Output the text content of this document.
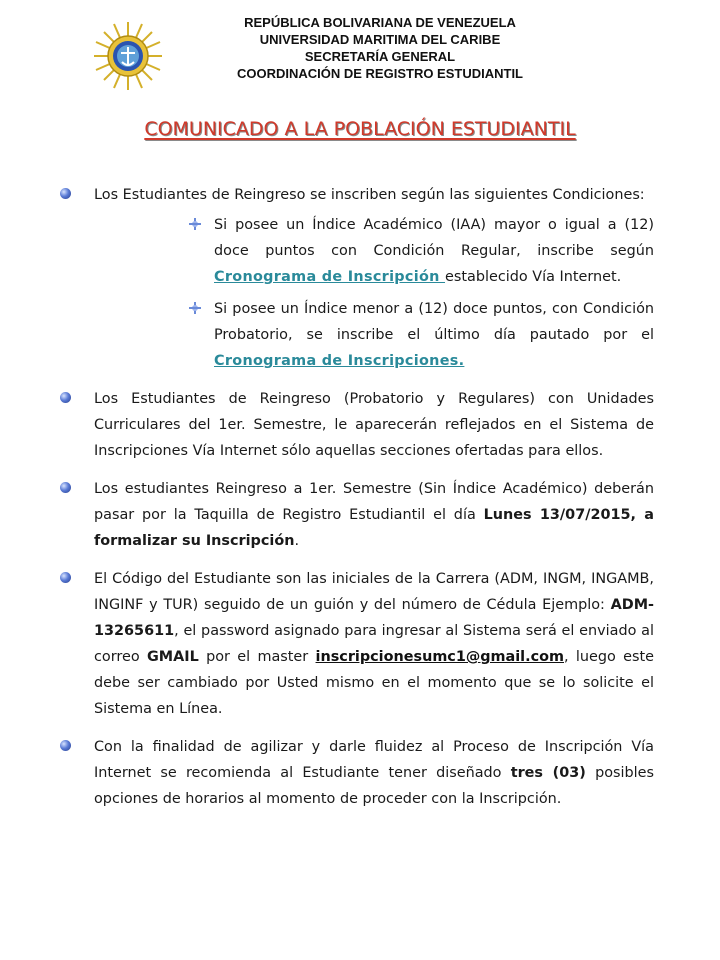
REPÚBLICA BOLIVARIANA DE VENEZUELA
UNIVERSIDAD MARITIMA DEL CARIBE
SECRETARÍA GENERAL
COORDINACIÓN DE REGISTRO ESTUDIANTIL
COMUNICADO A LA POBLACIÓN ESTUDIANTIL
Los Estudiantes de Reingreso se inscriben según las siguientes Condiciones:
Si posee un Índice Académico (IAA) mayor o igual a (12) doce puntos con Condición Regular, inscribe según Cronograma de Inscripción establecido Vía Internet.
Si posee un Índice menor a (12) doce puntos, con Condición Probatorio, se inscribe el último día pautado por el Cronograma de Inscripciones.
Los Estudiantes de Reingreso (Probatorio y Regulares) con Unidades Curriculares del 1er. Semestre, le aparecerán reflejados en el Sistema de Inscripciones Vía Internet sólo aquellas secciones ofertadas para ellos.
Los estudiantes Reingreso a 1er. Semestre (Sin Índice Académico) deberán pasar por la Taquilla de Registro Estudiantil el día Lunes 13/07/2015, a formalizar su Inscripción.
El Código del Estudiante son las iniciales de la Carrera (ADM, INGM, INGAMB, INGINF y TUR) seguido de un guión y del número de Cédula Ejemplo: ADM-13265611, el password asignado para ingresar al Sistema será el enviado al correo GMAIL por el master inscripcionesumc1@gmail.com, luego este debe ser cambiado por Usted mismo en el momento que se lo solicite el Sistema en Línea.
Con la finalidad de agilizar y darle fluidez al Proceso de Inscripción Vía Internet se recomienda al Estudiante tener diseñado tres (03) posibles opciones de horarios al momento de proceder con la Inscripción.
